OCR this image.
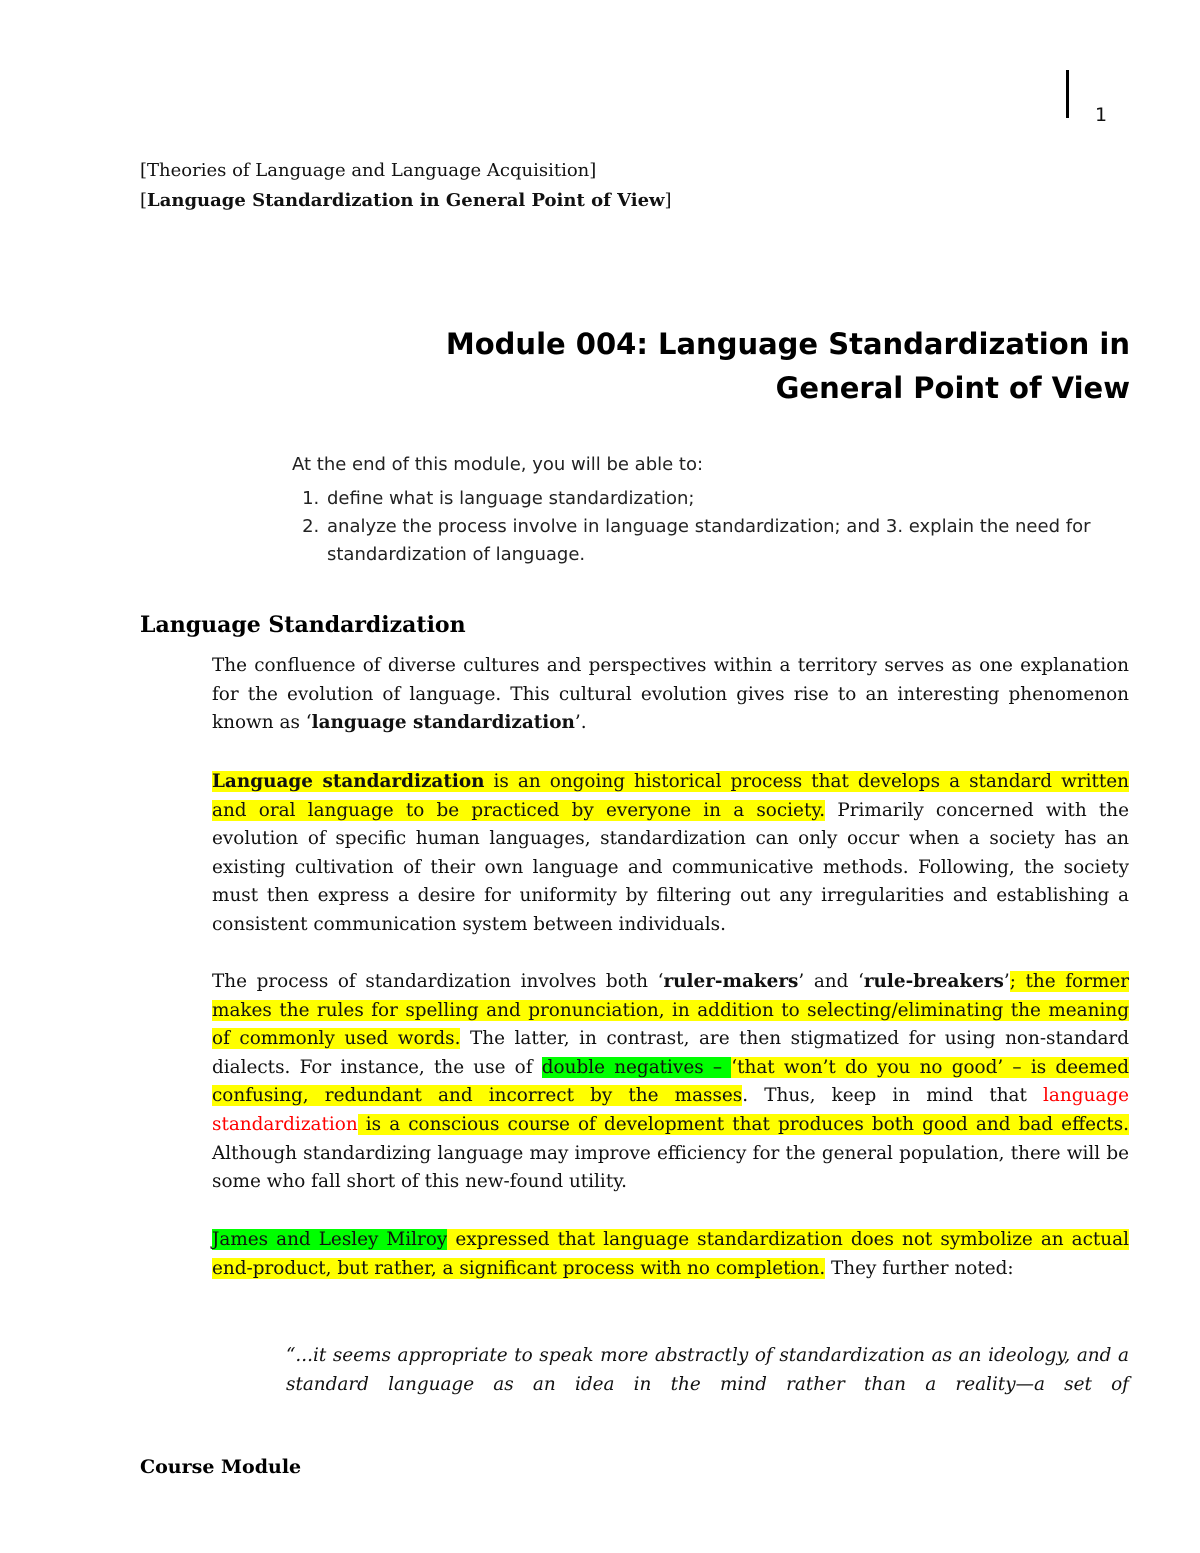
1
[Theories of Language and Language Acquisition]
[Language Standardization in General Point of View]
Module 004: Language Standardization in
General Point of View
At the end of this module, you will be able to:
1. define what is language standardization;
2. analyze the process involve in language standardization; and 3. explain the need for standardization of language.
Language Standardization
The confluence of diverse cultures and perspectives within a territory serves as one explanation for the evolution of language. This cultural evolution gives rise to an interesting phenomenon known as ‘language standardization’.
Language standardization is an ongoing historical process that develops a standard written and oral language to be practiced by everyone in a society. Primarily concerned with the evolution of specific human languages, standardization can only occur when a society has an existing cultivation of their own language and communicative methods. Following, the society must then express a desire for uniformity by filtering out any irregularities and establishing a consistent communication system between individuals.
The process of standardization involves both ‘ruler-makers’ and ‘rule-breakers’; the former makes the rules for spelling and pronunciation, in addition to selecting/eliminating the meaning of commonly used words. The latter, in contrast, are then stigmatized for using non-standard dialects. For instance, the use of double negatives – ‘that won’t do you no good’ – is deemed confusing, redundant and incorrect by the masses. Thus, keep in mind that language standardization is a conscious course of development that produces both good and bad effects. Although standardizing language may improve efficiency for the general population, there will be some who fall short of this new-found utility.
James and Lesley Milroy expressed that language standardization does not symbolize an actual end-product, but rather, a significant process with no completion. They further noted:
“...it seems appropriate to speak more abstractly of standardization as an ideology, and a standard language as an idea in the mind rather than a reality—a set of
Course Module
